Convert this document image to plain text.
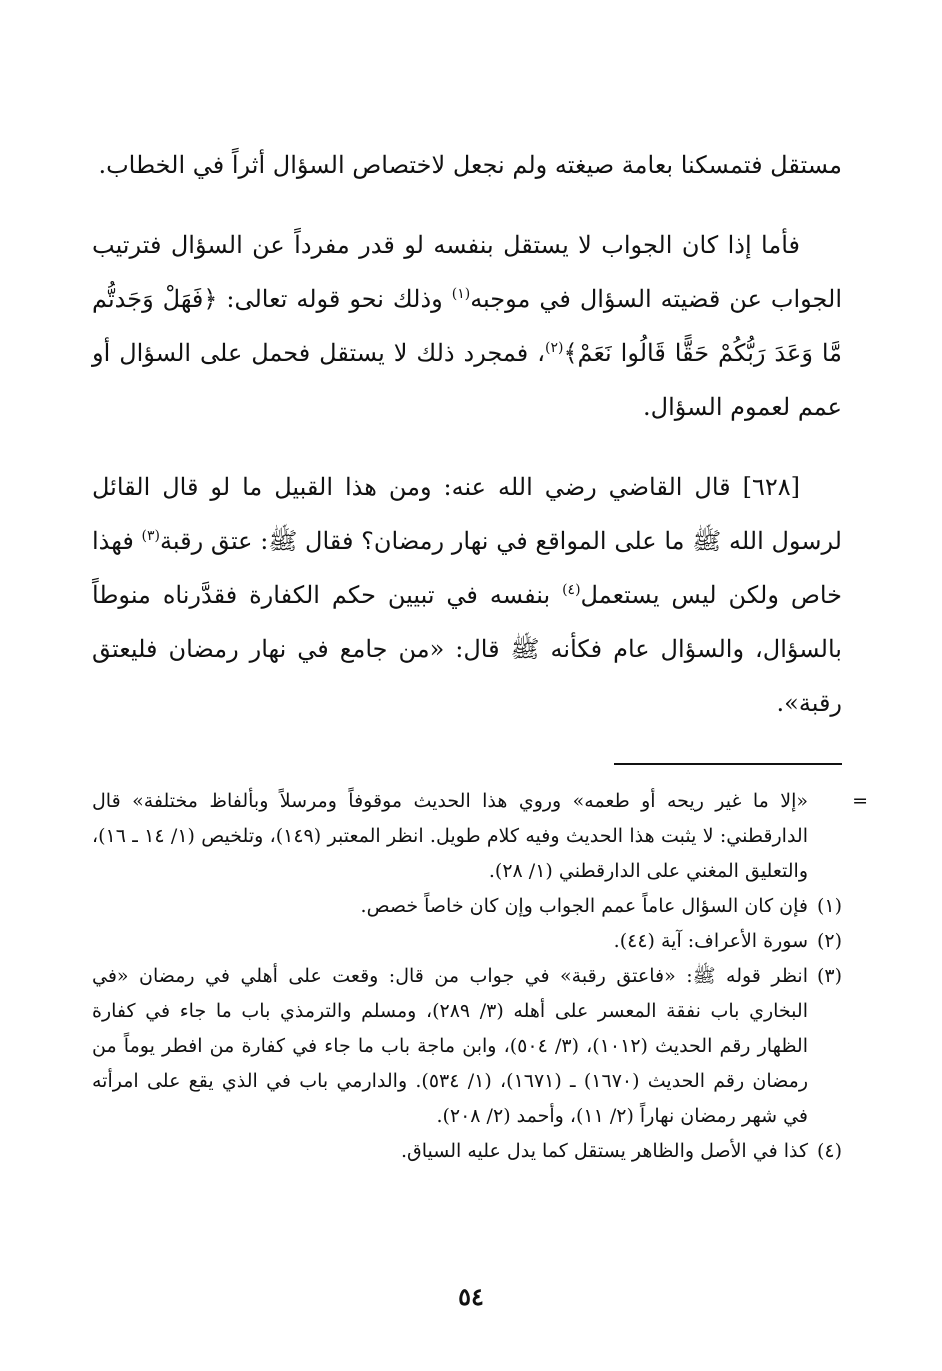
مستقل فتمسكنا بعامة صيغته ولم نجعل لاختصاص السؤال أثراً في الخطاب.

فأما إذا كان الجواب لا يستقل بنفسه لو قدر مفرداً عن السؤال فترتيب الجواب عن قضيته السؤال في موجبه$^{(١)}$ وذلك نحو قوله تعالى: ﴿فَهَلْ وَجَدتُّم مَّا وَعَدَ رَبُّكُمْ حَقًّا قَالُوا نَعَمْ﴾$^{(٢)}$، فمجرد ذلك لا يستقل فحمل على السؤال أو عمم لعموم السؤال.

[٦٢٨] قال القاضي رضي الله عنه: ومن هذا القبيل ما لو قال القائل لرسول الله ﷺ ما على المواقع في نهار رمضان؟ فقال ﷺ: عتق رقبة$^{(٣)}$ فهذا خاص ولكن ليس يستعمل$^{(٤)}$ بنفسه في تبيين حكم الكفارة فقدَّرناه منوطاً بالسؤال، والسؤال عام فكأنه ﷺ قال: «من جامع في نهار رمضان فليعتق رقبة».

=
«إلا ما غير ريحه أو طعمه» وروي هذا الحديث موقوفاً ومرسلاً وبألفاظ مختلفة» قال الدارقطني: لا يثبت هذا الحديث وفيه كلام طويل. انظر المعتبر (١٤٩)، وتلخيص (١/ ١٤ ـ ١٦)، والتعليق المغني على الدارقطني (١/ ٢٨).
(١)
فإن كان السؤال عاماً عمم الجواب وإن كان خاصاً خصص.
(٢)
سورة الأعراف: آية (٤٤).
(٣)
انظر قوله ﷺ: «فاعتق رقبة» في جواب من قال: وقعت على أهلي في رمضان «في البخاري باب نفقة المعسر على أهله (٣/ ٢٨٩)، ومسلم والترمذي باب ما جاء في كفارة الظهار رقم الحديث (١٠١٢)، (٣/ ٥٠٤)، وابن ماجة باب ما جاء في كفارة من افطر يوماً من رمضان رقم الحديث (١٦٧٠) ـ (١٦٧١)، (١/ ٥٣٤). والدارمي باب في الذي يقع على امرأته في شهر رمضان نهاراً (٢/ ١١)، وأحمد (٢/ ٢٠٨).
(٤)
كذا في الأصل والظاهر يستقل كما يدل عليه السياق.
٥٤
